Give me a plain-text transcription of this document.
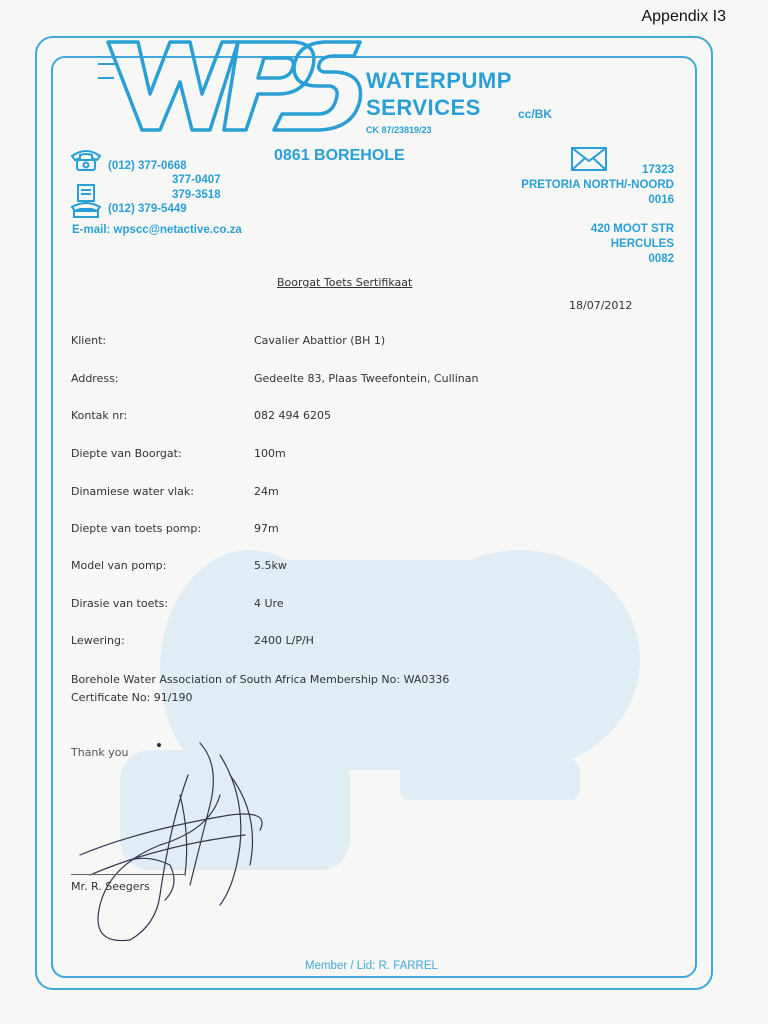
Appendix I3
WATERPUMP
SERVICES	cc/BK
CK 87/23819/23
0861 BOREHOLE
(012) 377-0668
377-0407
379-3518
(012) 379-5449
E-mail: wpscc@netactive.co.za
17323
PRETORIA NORTH/-NOORD
0016
420 MOOT STR
HERCULES
0082
Boorgat Toets Sertifikaat
18/07/2012
Klient:	Cavalier Abattior (BH 1)
Address:	Gedeelte 83, Plaas Tweefontein, Cullinan
Kontak nr:	082 494 6205
Diepte van Boorgat:	100m
Dinamiese water vlak:	24m
Diepte van toets pomp:	97m
Model van pomp:	5.5kw
Dirasie van toets:	4 Ure
Lewering:	2400 L/P/H
Borehole Water Association of South Africa Membership No: WA0336
Certificate No: 91/190
Thank you
Mr. R. Seegers
Member / Lid: R. FARREL
